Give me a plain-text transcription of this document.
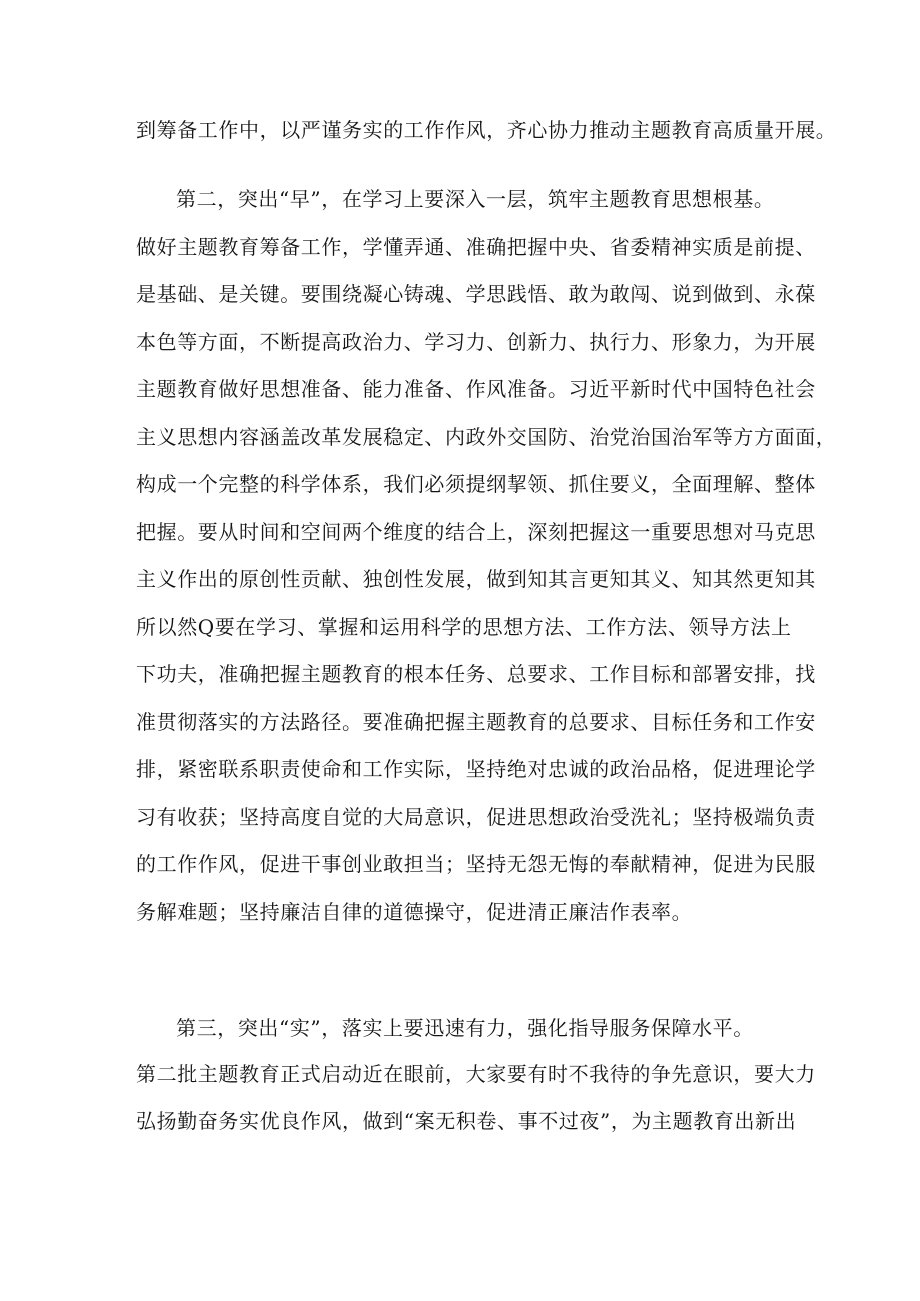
到筹备工作中，以严谨务实的工作作风，齐心协力推动主题教育高质量开展。
第二，突出“早”，在学习上要深入一层，筑牢主题教育思想根基。
做好主题教育筹备工作，学懂弄通、准确把握中央、省委精神实质是前提、
是基础、是关键。要围绕凝心铸魂、学思践悟、敢为敢闯、说到做到、永葆
本色等方面，不断提高政治力、学习力、创新力、执行力、形象力，为开展
主题教育做好思想准备、能力准备、作风准备。习近平新时代中国特色社会
主义思想内容涵盖改革发展稳定、内政外交国防、治党治国治军等方方面面，
构成一个完整的科学体系，我们必须提纲挈领、抓住要义，全面理解、整体
把握。要从时间和空间两个维度的结合上，深刻把握这一重要思想对马克思
主义作出的原创性贡献、独创性发展，做到知其言更知其义、知其然更知其
所以然Q要在学习、掌握和运用科学的思想方法、工作方法、领导方法上
下功夫，准确把握主题教育的根本任务、总要求、工作目标和部署安排，找
准贯彻落实的方法路径。要准确把握主题教育的总要求、目标任务和工作安
排，紧密联系职责使命和工作实际，坚持绝对忠诚的政治品格，促进理论学
习有收获；坚持高度自觉的大局意识，促进思想政治受洗礼；坚持极端负责
的工作作风，促进干事创业敢担当；坚持无怨无悔的奉献精神，促进为民服
务解难题；坚持廉洁自律的道德操守，促进清正廉洁作表率。
第三，突出“实”，落实上要迅速有力，强化指导服务保障水平。
第二批主题教育正式启动近在眼前，大家要有时不我待的争先意识，要大力
弘扬勤奋务实优良作风，做到“案无积卷、事不过夜”，为主题教育出新出
